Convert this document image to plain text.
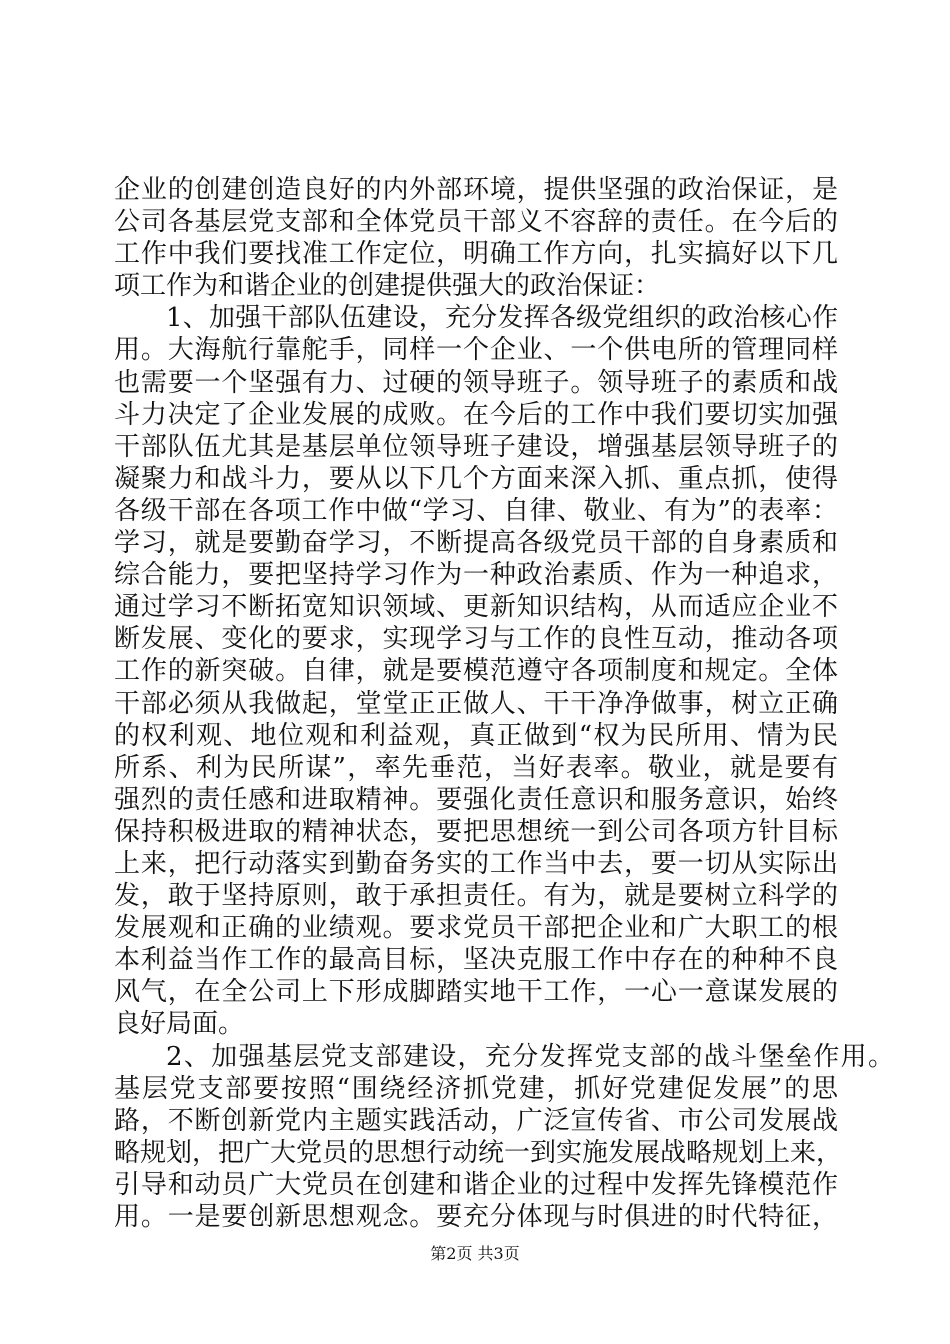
企业的创建创造良好的内外部环境，提供坚强的政治保证，是
公司各基层党支部和全体党员干部义不容辞的责任。在今后的
工作中我们要找准工作定位，明确工作方向，扎实搞好以下几
项工作为和谐企业的创建提供强大的政治保证：
1、加强干部队伍建设，充分发挥各级党组织的政治核心作
用。大海航行靠舵手，同样一个企业、一个供电所的管理同样
也需要一个坚强有力、过硬的领导班子。领导班子的素质和战
斗力决定了企业发展的成败。在今后的工作中我们要切实加强
干部队伍尤其是基层单位领导班子建设，增强基层领导班子的
凝聚力和战斗力，要从以下几个方面来深入抓、重点抓，使得
各级干部在各项工作中做“学习、自律、敬业、有为”的表率：
学习，就是要勤奋学习，不断提高各级党员干部的自身素质和
综合能力，要把坚持学习作为一种政治素质、作为一种追求，
通过学习不断拓宽知识领域、更新知识结构，从而适应企业不
断发展、变化的要求，实现学习与工作的良性互动，推动各项
工作的新突破。自律，就是要模范遵守各项制度和规定。全体
干部必须从我做起，堂堂正正做人、干干净净做事，树立正确
的权利观、地位观和利益观，真正做到“权为民所用、情为民
所系、利为民所谋”，率先垂范，当好表率。敬业，就是要有
强烈的责任感和进取精神。要强化责任意识和服务意识，始终
保持积极进取的精神状态，要把思想统一到公司各项方针目标
上来，把行动落实到勤奋务实的工作当中去，要一切从实际出
发，敢于坚持原则，敢于承担责任。有为，就是要树立科学的
发展观和正确的业绩观。要求党员干部把企业和广大职工的根
本利益当作工作的最高目标，坚决克服工作中存在的种种不良
风气，在全公司上下形成脚踏实地干工作，一心一意谋发展的
良好局面。
2、加强基层党支部建设，充分发挥党支部的战斗堡垒作用。
基层党支部要按照“围绕经济抓党建，抓好党建促发展”的思
路，不断创新党内主题实践活动，广泛宣传省、市公司发展战
略规划，把广大党员的思想行动统一到实施发展战略规划上来，
引导和动员广大党员在创建和谐企业的过程中发挥先锋模范作
用。一是要创新思想观念。要充分体现与时俱进的时代特征，
第2页 共3页
